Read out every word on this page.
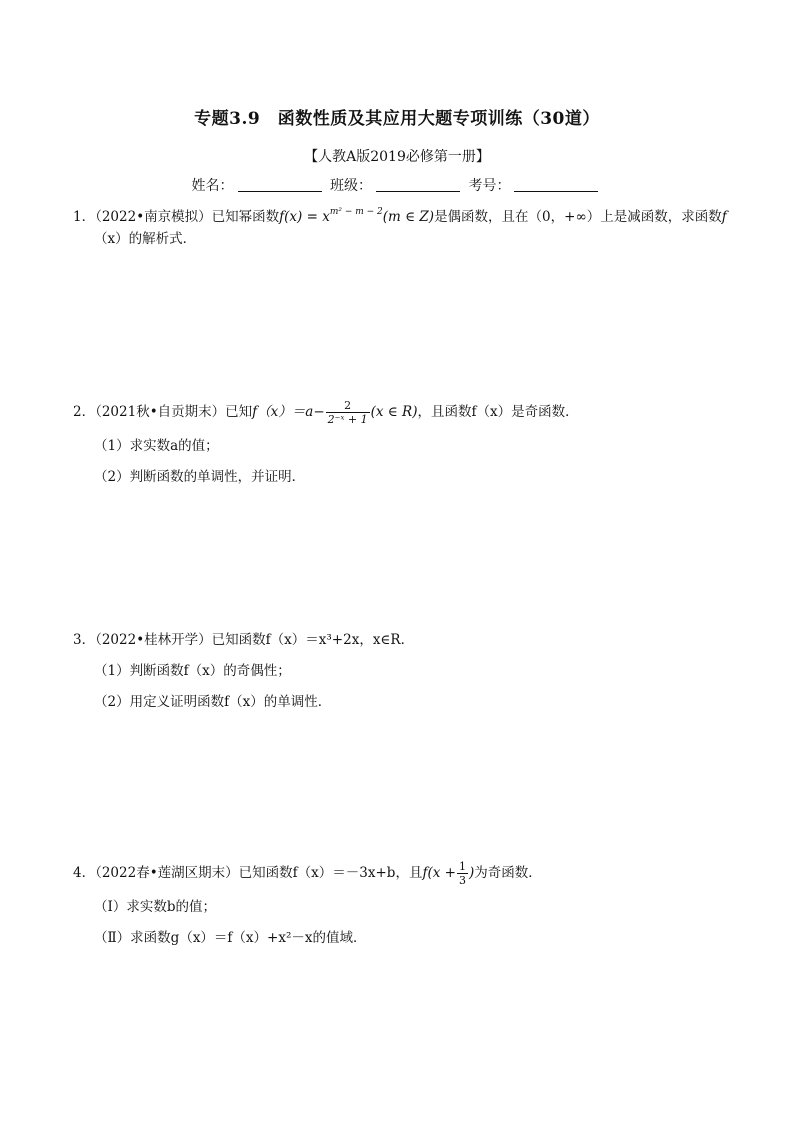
专题3.9　函数性质及其应用大题专项训练（30道）
【人教A版2019必修第一册】
姓名：	班级：	考号：
1．（2022•南京模拟）已知幂函数$f(x) = x^{m^2 - m - 2}(m$ ∈ Z)是偶函数，且在（0，+∞）上是减函数，求函数f
（x）的解析式．
2．（2021秋•自贡期末）已知$f(x)=a- \frac{2}{\text{2⁻ˣ + 1}} (x$ ∈ R)，且函数f（x）是奇函数．
（1）求实数a的值；
（2）判断函数的单调性，并证明．
3．（2022•桂林开学）已知函数f（x）＝x³+2x，x∈R．
（1）判断函数f（x）的奇偶性；
（2）用定义证明函数f（x）的单调性．
4．（2022春•莲湖区期末）已知函数f（x）＝－3x+b，且$f(x + \frac{1}{3}$ )为奇函数．
（Ⅰ）求实数b的值；
（Ⅱ）求函数g（x）＝f（x）+x²－x的值域．
